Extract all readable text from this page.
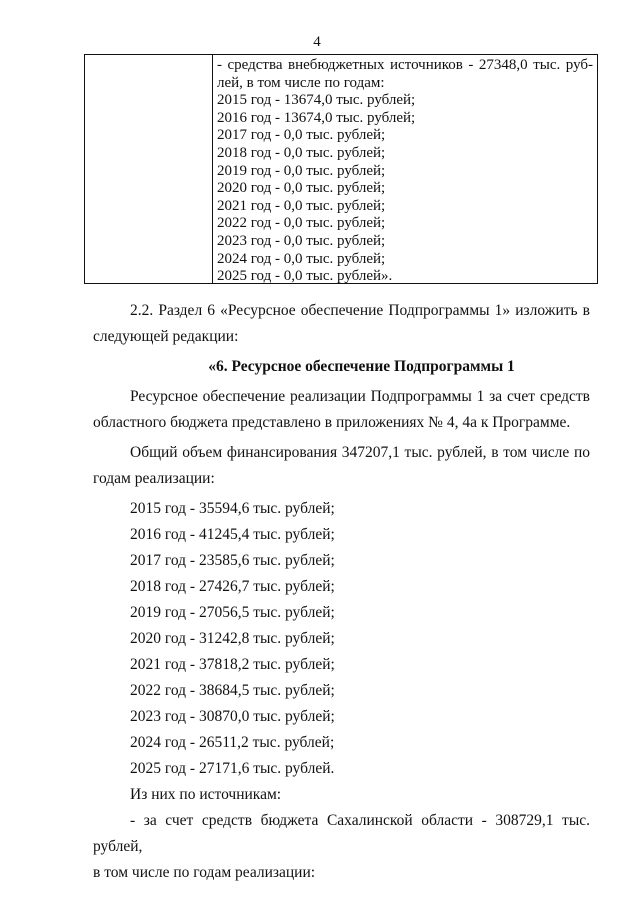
4
- средства внебюджетных источников - 27348,0 тыс. руб-
лей, в том числе по годам:
2015 год - 13674,0 тыс. рублей;
2016 год - 13674,0 тыс. рублей;
2017 год - 0,0 тыс. рублей;
2018 год - 0,0 тыс. рублей;
2019 год - 0,0 тыс. рублей;
2020 год - 0,0 тыс. рублей;
2021 год - 0,0 тыс. рублей;
2022 год - 0,0 тыс. рублей;
2023 год - 0,0 тыс. рублей;
2024 год - 0,0 тыс. рублей;
2025 год - 0,0 тыс. рублей».
2.2. Раздел 6 «Ресурсное обеспечение Подпрограммы 1» изложить в следующей редакции:
«6. Ресурсное обеспечение Подпрограммы 1
Ресурсное обеспечение реализации Подпрограммы 1 за счет средств областного бюджета представлено в приложениях № 4, 4а к Программе.
Общий объем финансирования 347207,1 тыс. рублей, в том числе по годам реализации:
2015 год - 35594,6 тыс. рублей;
2016 год - 41245,4 тыс. рублей;
2017 год - 23585,6 тыс. рублей;
2018 год - 27426,7 тыс. рублей;
2019 год - 27056,5 тыс. рублей;
2020 год - 31242,8 тыс. рублей;
2021 год - 37818,2 тыс. рублей;
2022 год - 38684,5 тыс. рублей;
2023 год - 30870,0 тыс. рублей;
2024 год - 26511,2 тыс. рублей;
2025 год - 27171,6 тыс. рублей.
Из них по источникам:
- за счет средств бюджета Сахалинской области - 308729,1 тыс. рублей,
в том числе по годам реализации:
